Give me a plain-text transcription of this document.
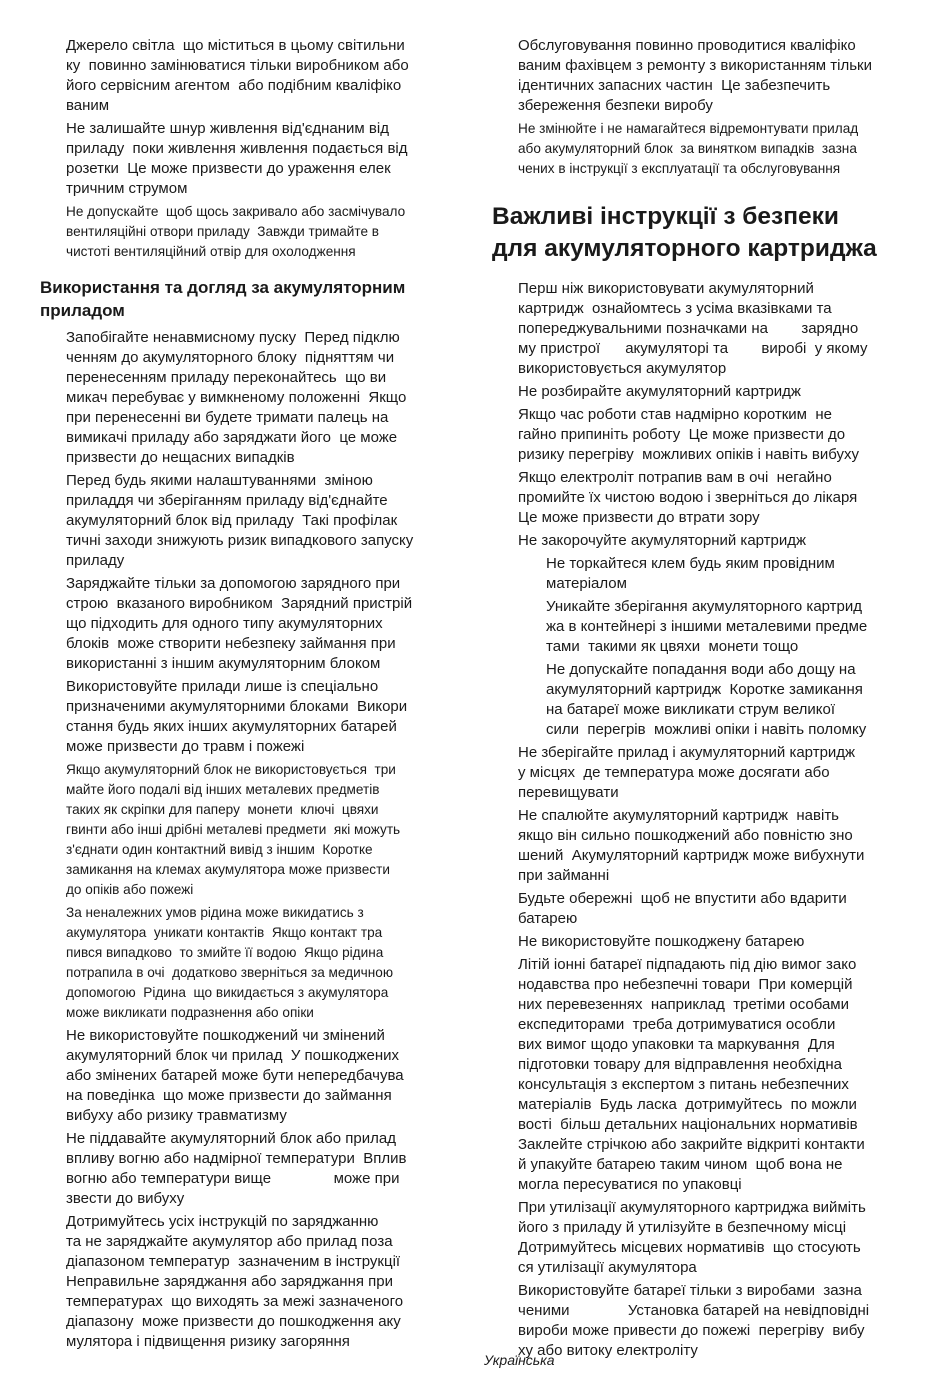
Джерело світла  що міститься в цьому світильни
ку  повинно замінюватися тільки виробником або
його сервісним агентом  або подібним кваліфіко
ваним
Не залишайте шнур живлення від'єднаним від
приладу  поки живлення живлення подається від
розетки  Це може призвести до ураження елек
тричним струмом
Не допускайте  щоб щось закривало або засмічувало
вентиляційні отвори приладу  Завжди тримайте в
чистоті вентиляційний отвір для охолодження
Використання та догляд за акумуляторним
приладом
Запобігайте ненавмисному пуску  Перед підклю
ченням до акумуляторного блоку  підняттям чи
перенесенням приладу переконайтесь  що ви
микач перебуває у вимкненому положенні  Якщо
при перенесенні ви будете тримати палець на
вимикачі приладу або заряджати його  це може
призвести до нещасних випадків
Перед будь якими налаштуваннями  зміною
приладдя чи зберіганням приладу від'єднайте
акумуляторний блок від приладу  Такі профілак
тичні заходи знижують ризик випадкового запуску
приладу
Заряджайте тільки за допомогою зарядного при
строю  вказаного виробником  Зарядний пристрій
що підходить для одного типу акумуляторних
блоків  може створити небезпеку займання при
використанні з іншим акумуляторним блоком
Використовуйте прилади лише із спеціально
призначеними акумуляторними блоками  Викори
стання будь яких інших акумуляторних батарей
може призвести до травм і пожежі
Якщо акумуляторний блок не використовується  три
майте його подалі від інших металевих предметів
таких як скріпки для паперу  монети  ключі  цвяхи
гвинти або інші дрібні металеві предмети  які можуть
з'єднати один контактний вивід з іншим  Коротке
замикання на клемах акумулятора може призвести
до опіків або пожежі
За неналежних умов рідина може викидатись з
акумулятора  уникати контактів  Якщо контакт тра
пився випадково  то змийте її водою  Якщо рідина
потрапила в очі  додатково зверніться за медичною
допомогою  Рідина  що викидається з акумулятора
може викликати подразнення або опіки
Не використовуйте пошкоджений чи змінений
акумуляторний блок чи прилад  У пошкоджених
або змінених батарей може бути непередбачува
на поведінка  що може призвести до займання
вибуху або ризику травматизму
Не піддавайте акумуляторний блок або прилад
впливу вогню або надмірної температури  Вплив
вогню або температури вище               може при
звести до вибуху
Дотримуйтесь усіх інструкцій по заряджанню
та не заряджайте акумулятор або прилад поза
діапазоном температур  зазначеним в інструкції
Неправильне заряджання або заряджання при
температурах  що виходять за межі зазначеного
діапазону  може призвести до пошкодження аку
мулятора і підвищення ризику загоряння
Обслуговування повинно проводитися кваліфіко
ваним фахівцем з ремонту з використанням тільки
ідентичних запасних частин  Це забезпечить
збереження безпеки виробу
Не змінюйте і не намагайтеся відремонтувати прилад
або акумуляторний блок  за винятком випадків  зазна
чених в інструкції з експлуатації та обслуговування
Важливі інструкції з безпеки
для акумуляторного картриджа
Перш ніж використовувати акумуляторний
картридж  ознайомтесь з усіма вказівками та
попереджувальними позначками на        зарядно
му пристрої      акумуляторі та        виробі  у якому
використовується акумулятор
Не розбирайте акумуляторний картридж
Якщо час роботи став надмірно коротким  не
гайно припиніть роботу  Це може призвести до
ризику перегріву  можливих опіків і навіть вибуху
Якщо електроліт потрапив вам в очі  негайно
промийте їх чистою водою і зверніться до лікаря
Це може призвести до втрати зору
Не закорочуйте акумуляторний картридж
Не торкайтеся клем будь яким провідним
матеріалом
Уникайте зберігання акумуляторного картрид
жа в контейнері з іншими металевими предме
тами  такими як цвяхи  монети тощо
Не допускайте попадання води або дощу на
акумуляторний картридж  Коротке замикання
на батареї може викликати струм великої
сили  перегрів  можливі опіки і навіть поломку
Не зберігайте прилад і акумуляторний картридж
у місцях  де температура може досягати або
перевищувати
Не спалюйте акумуляторний картридж  навіть
якщо він сильно пошкоджений або повністю зно
шений  Акумуляторний картридж може вибухнути
при займанні
Будьте обережні  щоб не впустити або вдарити
батарею
Не використовуйте пошкоджену батарею
Літій іонні батареї підпадають під дію вимог зако
нодавства про небезпечні товари  При комерцій
них перевезеннях  наприклад  третіми особами
експедиторами  треба дотримуватися особли
вих вимог щодо упаковки та маркування  Для
підготовки товару для відправлення необхідна
консультація з експертом з питань небезпечних
матеріалів  Будь ласка  дотримуйтесь  по можли
вості  більш детальних національних нормативів
Заклейте стрічкою або закрийте відкриті контакти
й упакуйте батарею таким чином  щоб вона не
могла пересуватися по упаковці
При утилізації акумуляторного картриджа вийміть
його з приладу й утилізуйте в безпечному місці
Дотримуйтесь місцевих нормативів  що стосують
ся утилізації акумулятора
Використовуйте батареї тільки з виробами  зазна
ченими              Установка батарей на невідповідні
вироби може привести до пожежі  перегріву  вибу
ху або витоку електроліту
Українська
